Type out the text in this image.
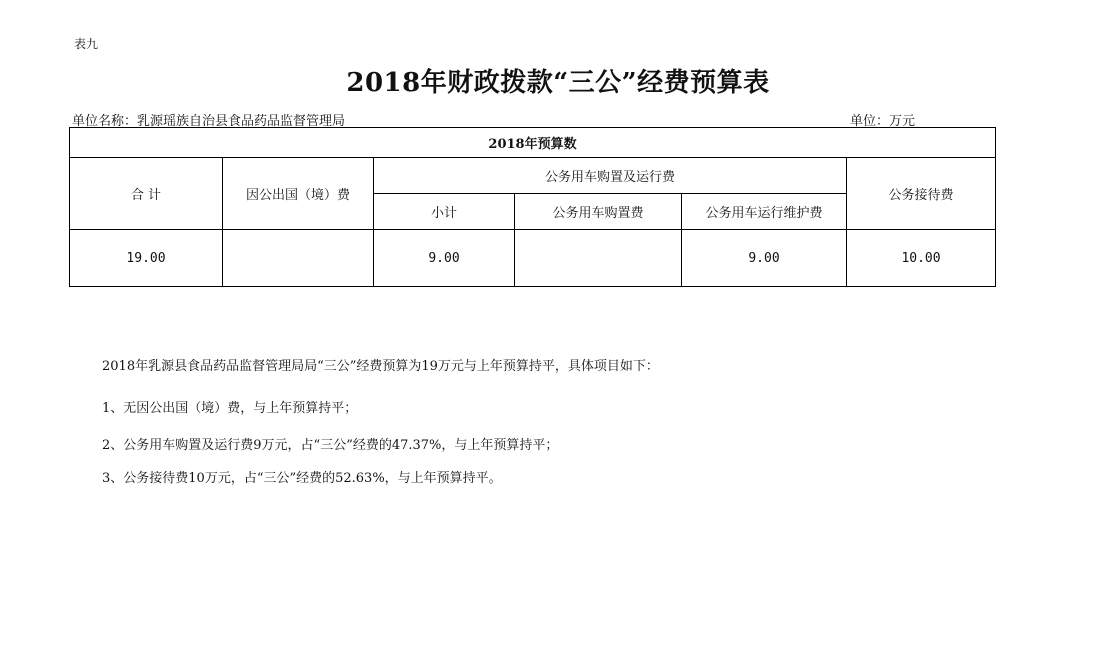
表九
2018年财政拨款“三公”经费预算表
单位名称：乳源瑶族自治县食品药品监督管理局	单位：万元
2018年预算数					
合 计	因公出国（境）费	公务用车购置及运行费			公务接待费
		小计	公务用车购置费	公务用车运行维护费	
19.00		9.00		9.00	10.00

2018年乳源县食品药品监督管理局局“三公”经费预算为19万元与上年预算持平，具体项目如下：

1、无因公出国（境）费，与上年预算持平；

2、公务用车购置及运行费9万元，占“三公”经费的47.37%，与上年预算持平；

3、公务接待费10万元，占“三公”经费的52.63%，与上年预算持平。
